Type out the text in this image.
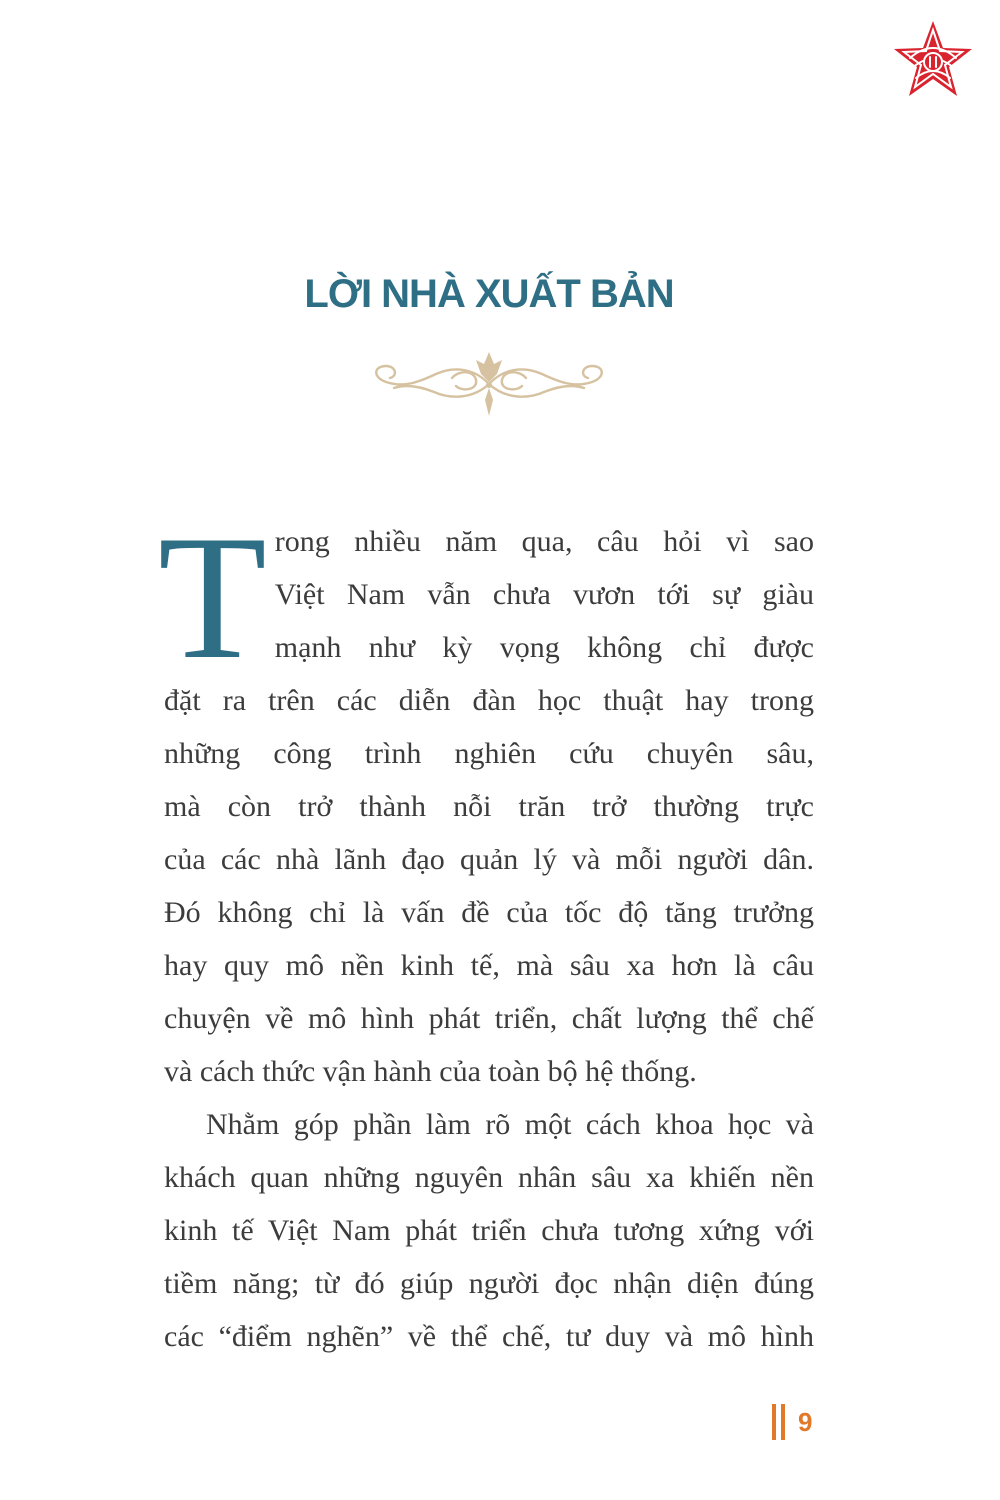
LỜI NHÀ XUẤT BẢN
T rong nhiều năm qua, câu hỏi vì sao
Việt Nam vẫn chưa vươn tới sự giàu
mạnh như kỳ vọng không chỉ được
đặt ra trên các diễn đàn học thuật hay trong
những công trình nghiên cứu chuyên sâu,
mà còn trở thành nỗi trăn trở thường trực
của các nhà lãnh đạo quản lý và mỗi người dân.
Đó không chỉ là vấn đề của tốc độ tăng trưởng
hay quy mô nền kinh tế, mà sâu xa hơn là câu
chuyện về mô hình phát triển, chất lượng thể chế
và cách thức vận hành của toàn bộ hệ thống.
Nhằm góp phần làm rõ một cách khoa học và
khách quan những nguyên nhân sâu xa khiến nền
kinh tế Việt Nam phát triển chưa tương xứng với
tiềm năng; từ đó giúp người đọc nhận diện đúng
các “điểm nghẽn” về thể chế, tư duy và mô hình
9
